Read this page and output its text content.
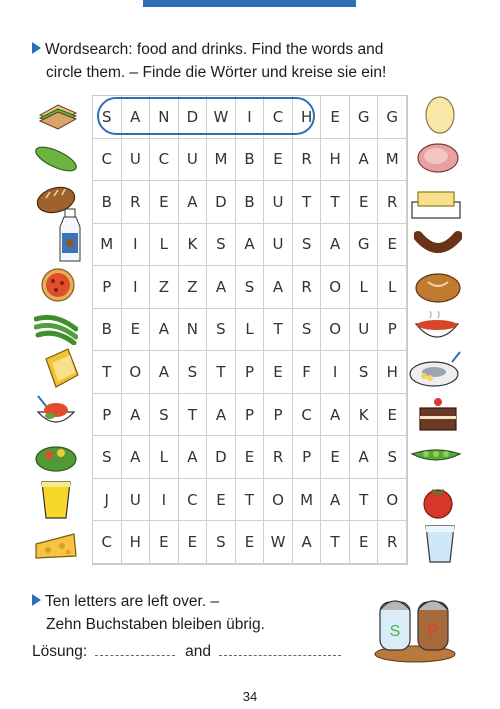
Wordsearch: food and drinks. Find the words and
circle them. – Finde die Wörter und kreise sie ein!
S	A	N	D	W	I	C	H	E	G	G
C	U	C	U	M	B	E	R	H	A	M
B	R	E	A	D	B	U	T	T	E	R
M	I	L	K	S	A	U	S	A	G	E
P	I	Z	Z	A	S	A	R	O	L	L
B	E	A	N	S	L	T	S	O	U	P
T	O	A	S	T	P	E	F	I	S	H
P	A	S	T	A	P	P	C	A	K	E
S	A	L	A	D	E	R	P	E	A	S
J	U	I	C	E	T	O	M	A	T	O
C	H	E	E	S	E	W	A	T	E	R
Ten letters are left over. –
Zehn Buchstaben bleiben übrig.
Lösung:	and
S P
34
